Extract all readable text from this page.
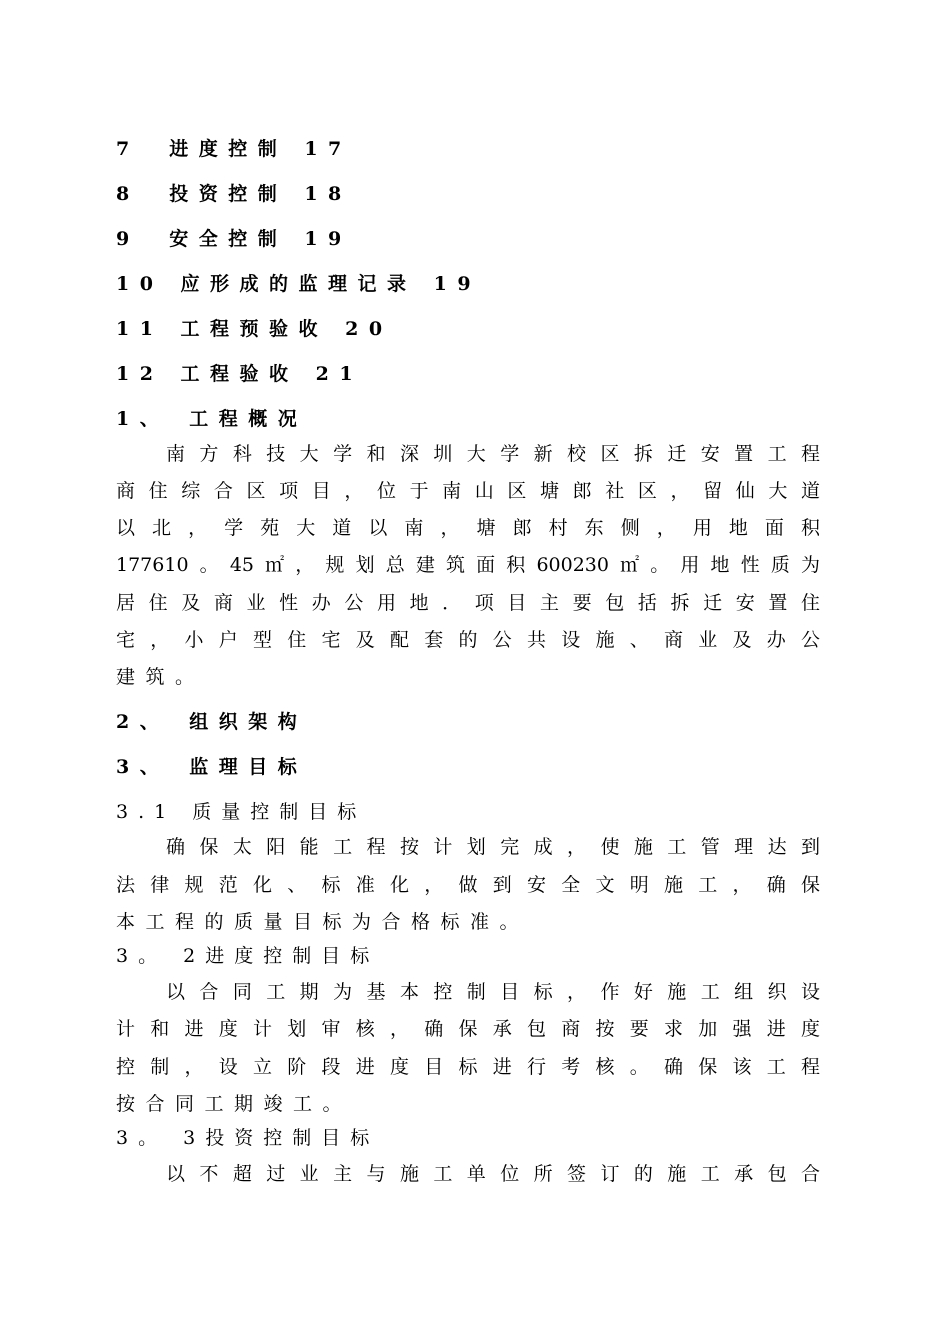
7　进度控制 17
8　投资控制 18
9　安全控制 19
10 应形成的监理记录 19
11 工程预验收 20
12 工程验收 21
1、　工程概况
南方科技大学和深圳大学新校区拆迁安置工程
商住综合区项目，位于南山区塘郎社区，留仙大道
以北，学苑大道以南，塘郎村东侧，用地面积
177610。45㎡，规划总建筑面积600230㎡。用地性质为
居住及商业性办公用地．项目主要包括拆迁安置住
宅，小户型住宅及配套的公共设施、商业及办公
建筑。
2、　组织架构
3、　监理目标
3.1 质量控制目标
确保太阳能工程按计划完成，使施工管理达到
法律规范化、标准化，做到安全文明施工，确保
本工程的质量目标为合格标准。
3。 2进度控制目标
以合同工期为基本控制目标，作好施工组织设
计和进度计划审核，确保承包商按要求加强进度
控制，设立阶段进度目标进行考核。确保该工程
按合同工期竣工。
3。 3投资控制目标
以不超过业主与施工单位所签订的施工承包合
